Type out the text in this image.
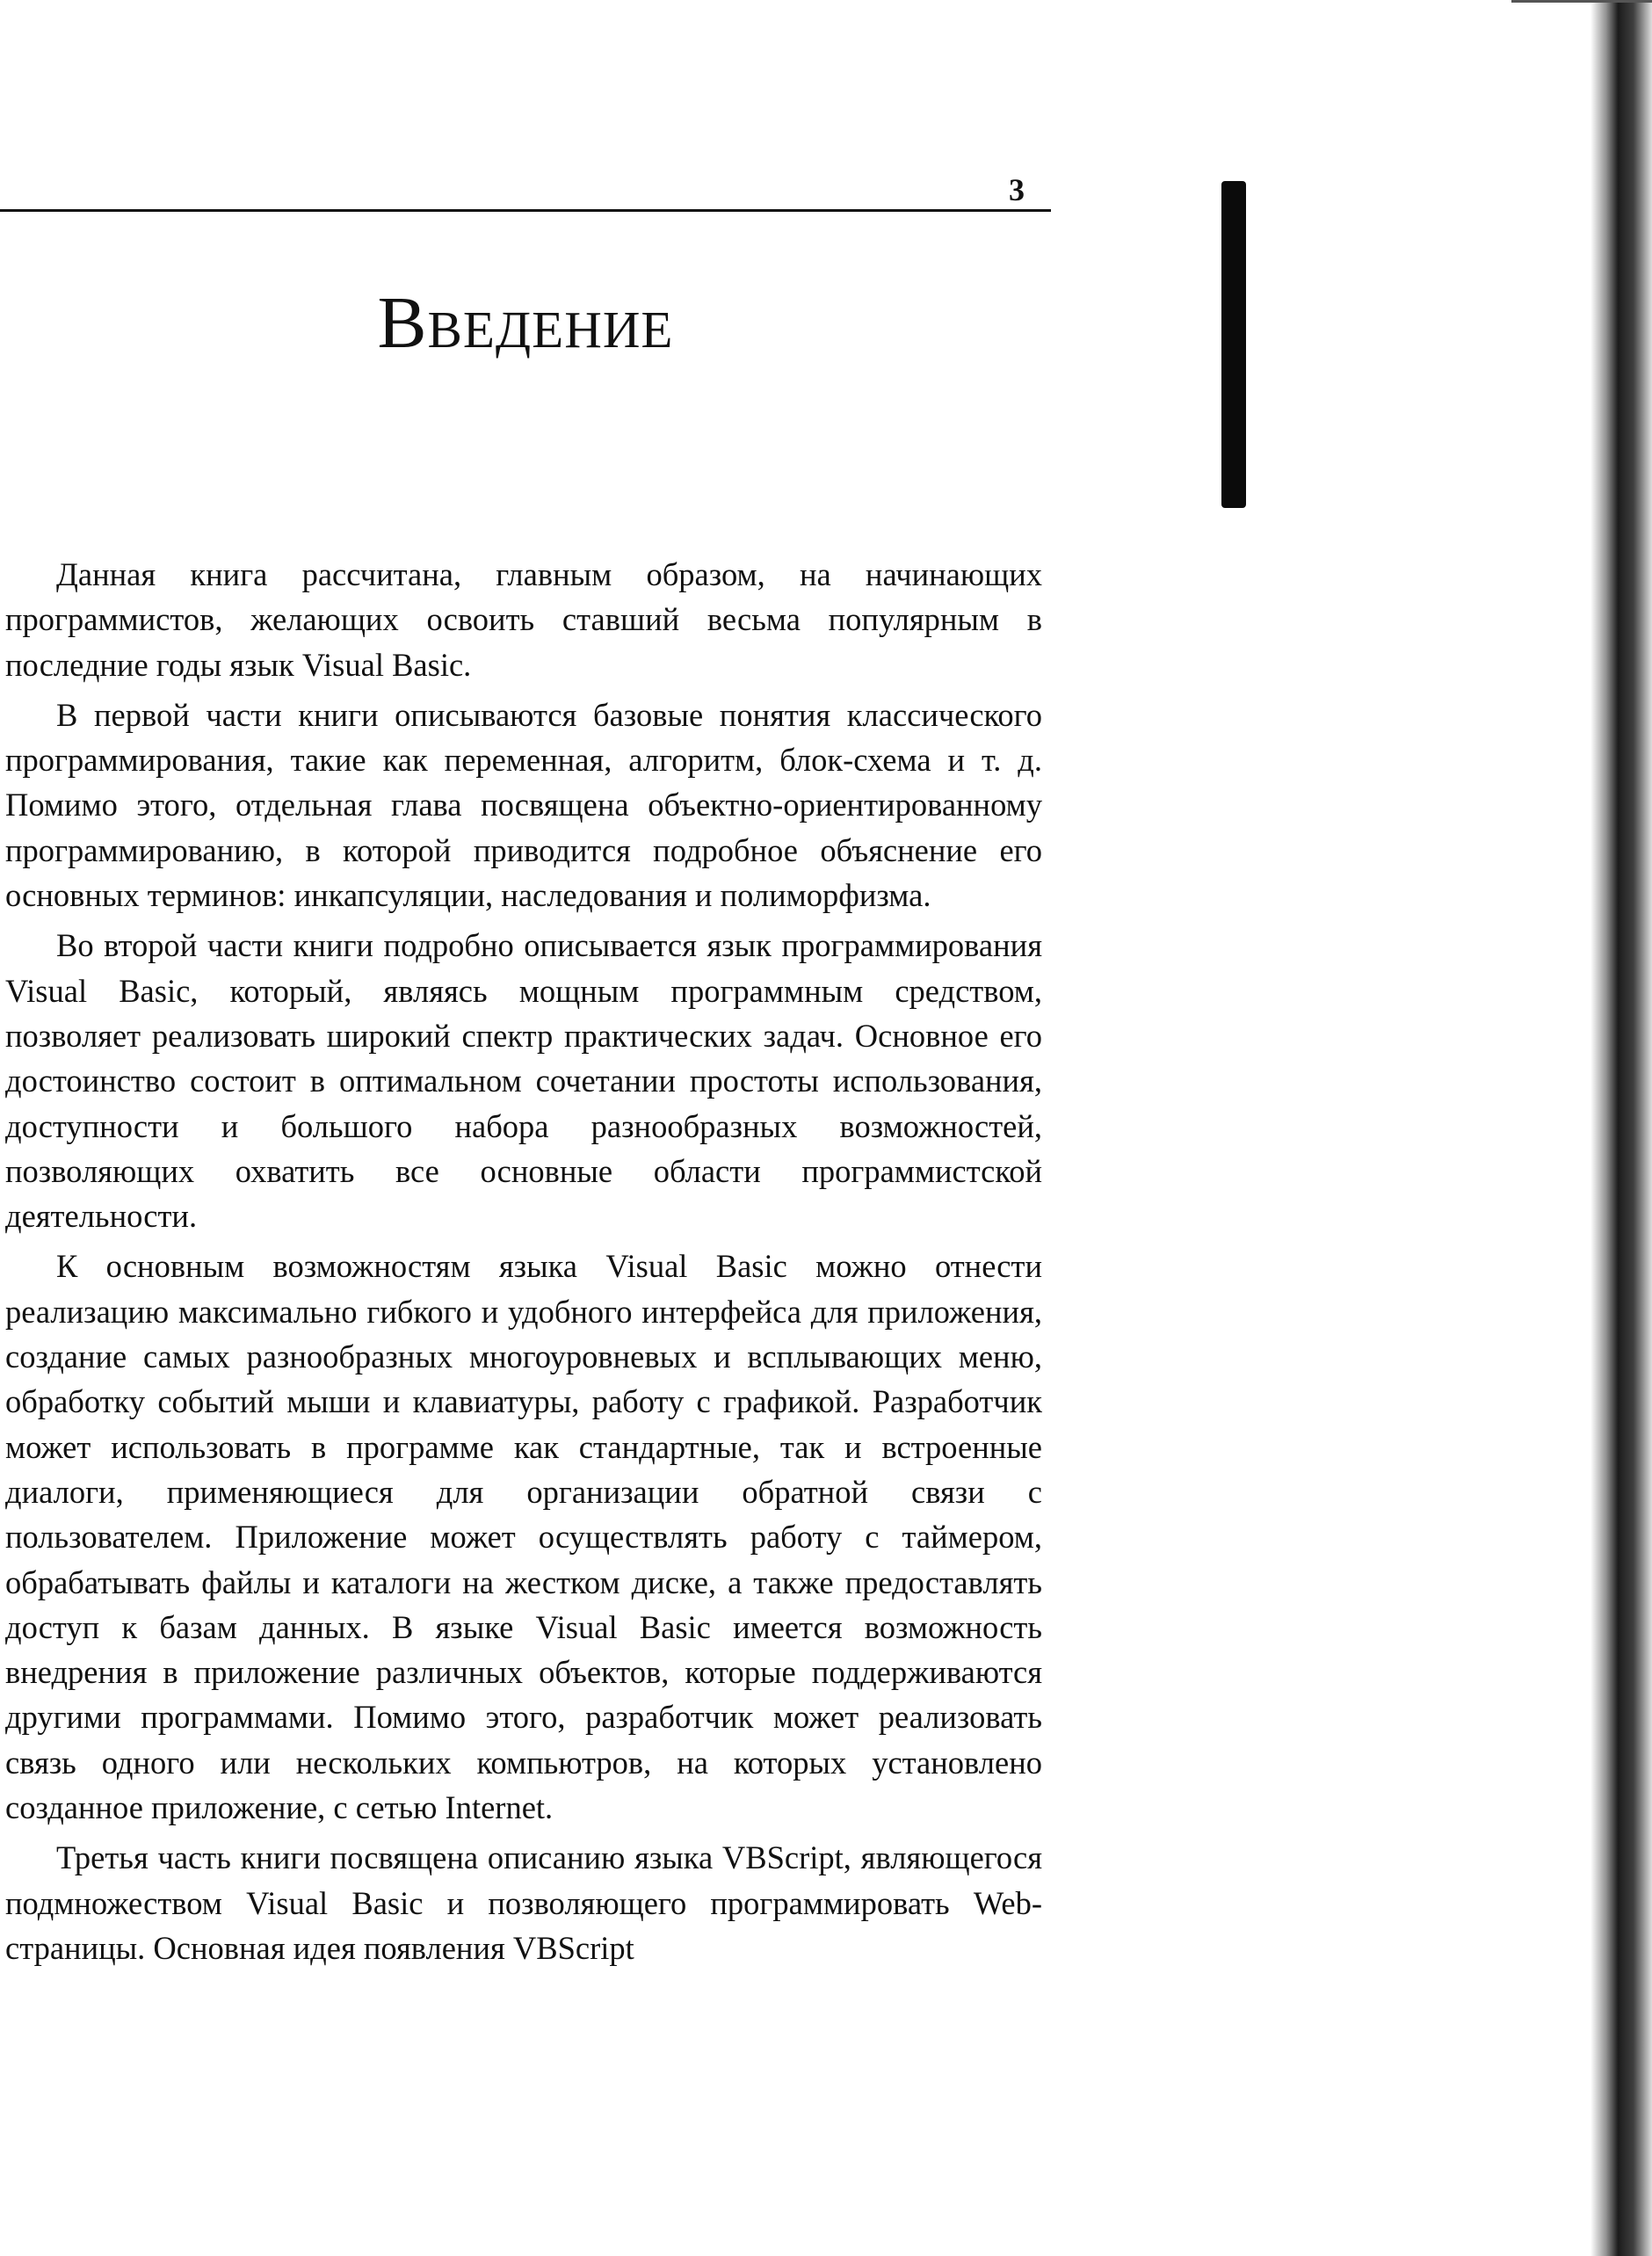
3
Введение

Данная книга рассчитана, главным образом, на начинающих программистов, желающих освоить ставший весьма популярным в последние годы язык Visual Basic.

В первой части книги описываются базовые понятия классического программирования, такие как переменная, алгоритм, блок-схема и т. д. Помимо этого, отдельная глава посвящена объектно-ориентированному программированию, в которой приводится подробное объяснение его основных терминов: инкапсуляции, наследования и полиморфизма.

Во второй части книги подробно описывается язык программирования Visual Basic, который, являясь мощным программным средством, позволяет реализовать широкий спектр практических задач. Основное его достоинство состоит в оптимальном сочетании простоты использования, доступности и большого набора разнообразных возможностей, позволяющих охватить все основные области программистской деятельности.

К основным возможностям языка Visual Basic можно отнести реализацию максимально гибкого и удобного интерфейса для приложения, создание самых разнообразных многоуровневых и всплывающих меню, обработку событий мыши и клавиатуры, работу с графикой. Разработчик может использовать в программе как стандартные, так и встроенные диалоги, применяющиеся для организации обратной связи с пользователем. Приложение может осуществлять работу с таймером, обрабатывать файлы и каталоги на жестком диске, а также предоставлять доступ к базам данных. В языке Visual Basic имеется возможность внедрения в приложение различных объектов, которые поддерживаются другими программами. Помимо этого, разработчик может реализовать связь одного или нескольких компьютров, на которых установлено созданное приложение, с сетью Internet.

Третья часть книги посвящена описанию языка VBScript, являющегося подмножеством Visual Basic и позволяющего программировать Web-страницы. Основная идея появления VBScript
